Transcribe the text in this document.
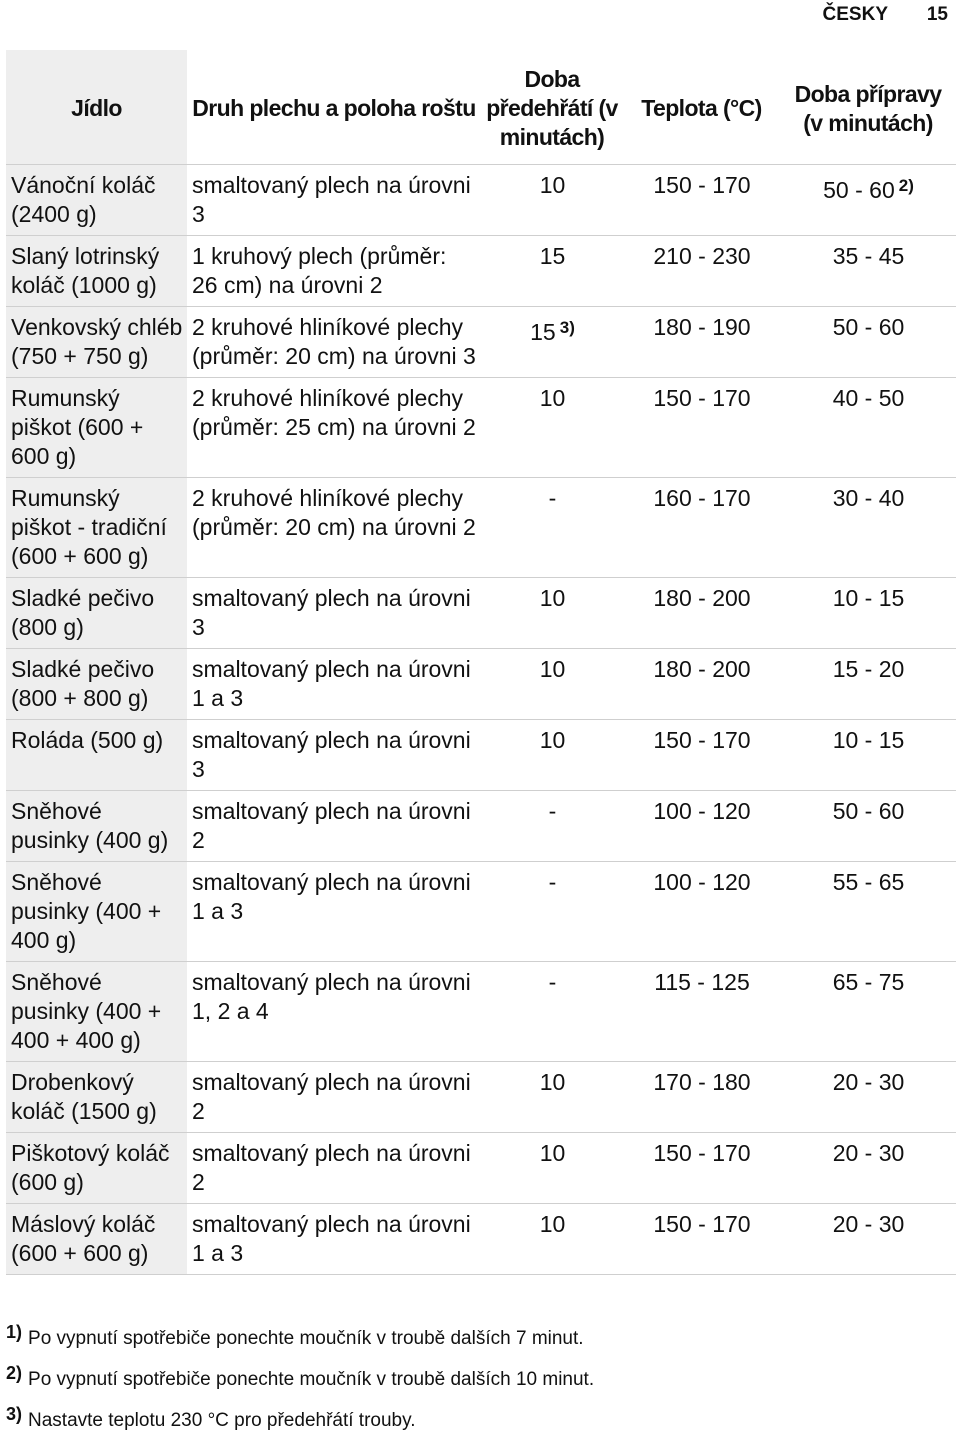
ČESKY 15
Jídlo	Druh plechu a poloha roštu	Doba předehřátí (v minutách)	Teplota (°C)	Doba přípravy (v minutách)
Vánoční koláč (2400 g)	smaltovaný plech na úrovni 3	10	150 - 170	50 - 60 $^{2)}$
Slaný lotrinský koláč (1000 g)	1 kruhový plech (průměr: 26 cm) na úrovni 2	15	210 - 230	35 - 45
Venkovský chléb (750 + 750 g)	2 kruhové hliníkové plechy (průměr: 20 cm) na úrovni 3	15 $^{3)}$	180 - 190	50 - 60
Rumunský piškot (600 + 600 g)	2 kruhové hliníkové plechy (průměr: 25 cm) na úrovni 2	10	150 - 170	40 - 50
Rumunský piškot - tradiční (600 + 600 g)	2 kruhové hliníkové plechy (průměr: 20 cm) na úrovni 2	-	160 - 170	30 - 40
Sladké pečivo (800 g)	smaltovaný plech na úrovni 3	10	180 - 200	10 - 15
Sladké pečivo (800 + 800 g)	smaltovaný plech na úrovni 1 a 3	10	180 - 200	15 - 20
Roláda (500 g)	smaltovaný plech na úrovni 3	10	150 - 170	10 - 15
Sněhové pusinky (400 g)	smaltovaný plech na úrovni 2	-	100 - 120	50 - 60
Sněhové pusinky (400 + 400 g)	smaltovaný plech na úrovni 1 a 3	-	100 - 120	55 - 65
Sněhové pusinky (400 + 400 + 400 g)	smaltovaný plech na úrovni 1, 2 a 4	-	115 - 125	65 - 75
Drobenkový koláč (1500 g)	smaltovaný plech na úrovni 2	10	170 - 180	20 - 30
Piškotový koláč (600 g)	smaltovaný plech na úrovni 2	10	150 - 170	20 - 30
Máslový koláč (600 + 600 g)	smaltovaný plech na úrovni 1 a 3	10	150 - 170	20 - 30
1) Po vypnutí spotřebiče ponechte moučník v troubě dalších 7 minut.
2) Po vypnutí spotřebiče ponechte moučník v troubě dalších 10 minut.
3) Nastavte teplotu 230 °C pro předehřátí trouby.
